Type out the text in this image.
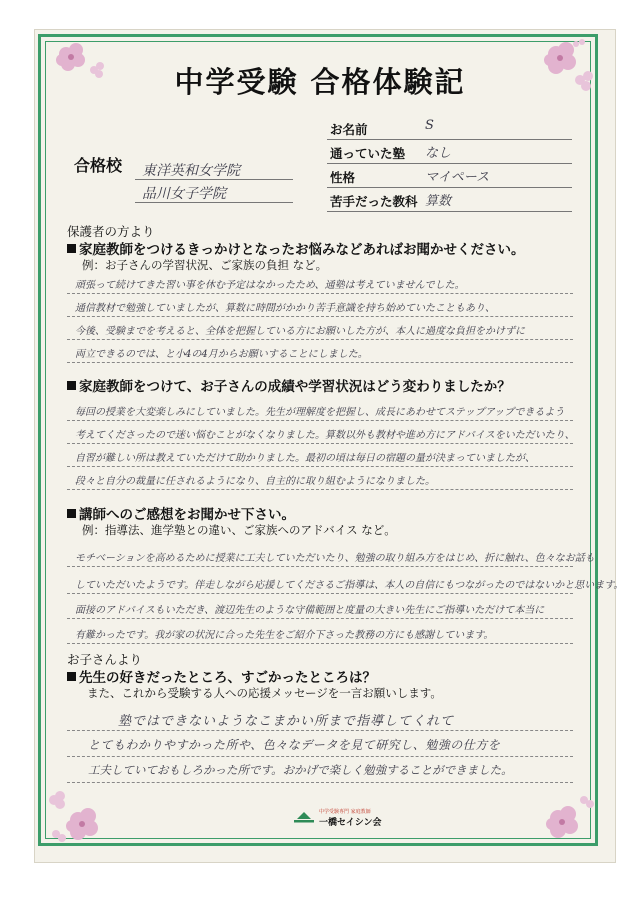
中学受験 合格体験記
合格校 東洋英和女学院
品川女子学院
お名前	S
通っていた塾 なし
性格	マイペース
苦手だった教科 算数
保護者の方より
家庭教師をつけるきっかけとなったお悩みなどあればお聞かせください。
例：お子さんの学習状況、ご家族の負担 など。
頑張って続けてきた習い事を休む予定はなかったため、通塾は考えていませんでした。
通信教材で勉強していましたが、算数に時間がかかり苦手意識を持ち始めていたこともあり、
今後、受験までを考えると、全体を把握している方にお願いした方が、本人に過度な負担をかけずに
両立できるのでは、と小4の4月からお願いすることにしました。
家庭教師をつけて、お子さんの成績や学習状況はどう変わりましたか？
毎回の授業を大変楽しみにしていました。先生が理解度を把握し、成長にあわせてステップアップできるよう
考えてくださったので迷い悩むことがなくなりました。算数以外も教材や進め方にアドバイスをいただいたり、
自習が難しい所は教えていただけて助かりました。最初の頃は毎日の宿題の量が決まっていましたが、
段々と自分の裁量に任されるようになり、自主的に取り組むようになりました。
講師へのご感想をお聞かせ下さい。
例：指導法、進学塾との違い、ご家族へのアドバイス など。
モチベーションを高めるために授業に工夫していただいたり、勉強の取り組み方をはじめ、折に触れ、色々なお話も
していただいたようです。伴走しながら応援してくださるご指導は、本人の自信にもつながったのではないかと思います。
面接のアドバイスもいただき、渡辺先生のような守備範囲と度量の大きい先生にご指導いただけて本当に
有難かったです。我が家の状況に合った先生をご紹介下さった教務の方にも感謝しています。
お子さんより
先生の好きだったところ、すごかったところは？
また、これから受験する人への応援メッセージを一言お願いします。
塾ではできないようなこまかい所まで指導してくれて
とてもわかりやすかった所や、色々なデータを見て研究し、勉強の仕方を
工夫していておもしろかった所です。おかげで楽しく勉強することができました。
中学受験専門 家庭教師
一橋セイシン会
